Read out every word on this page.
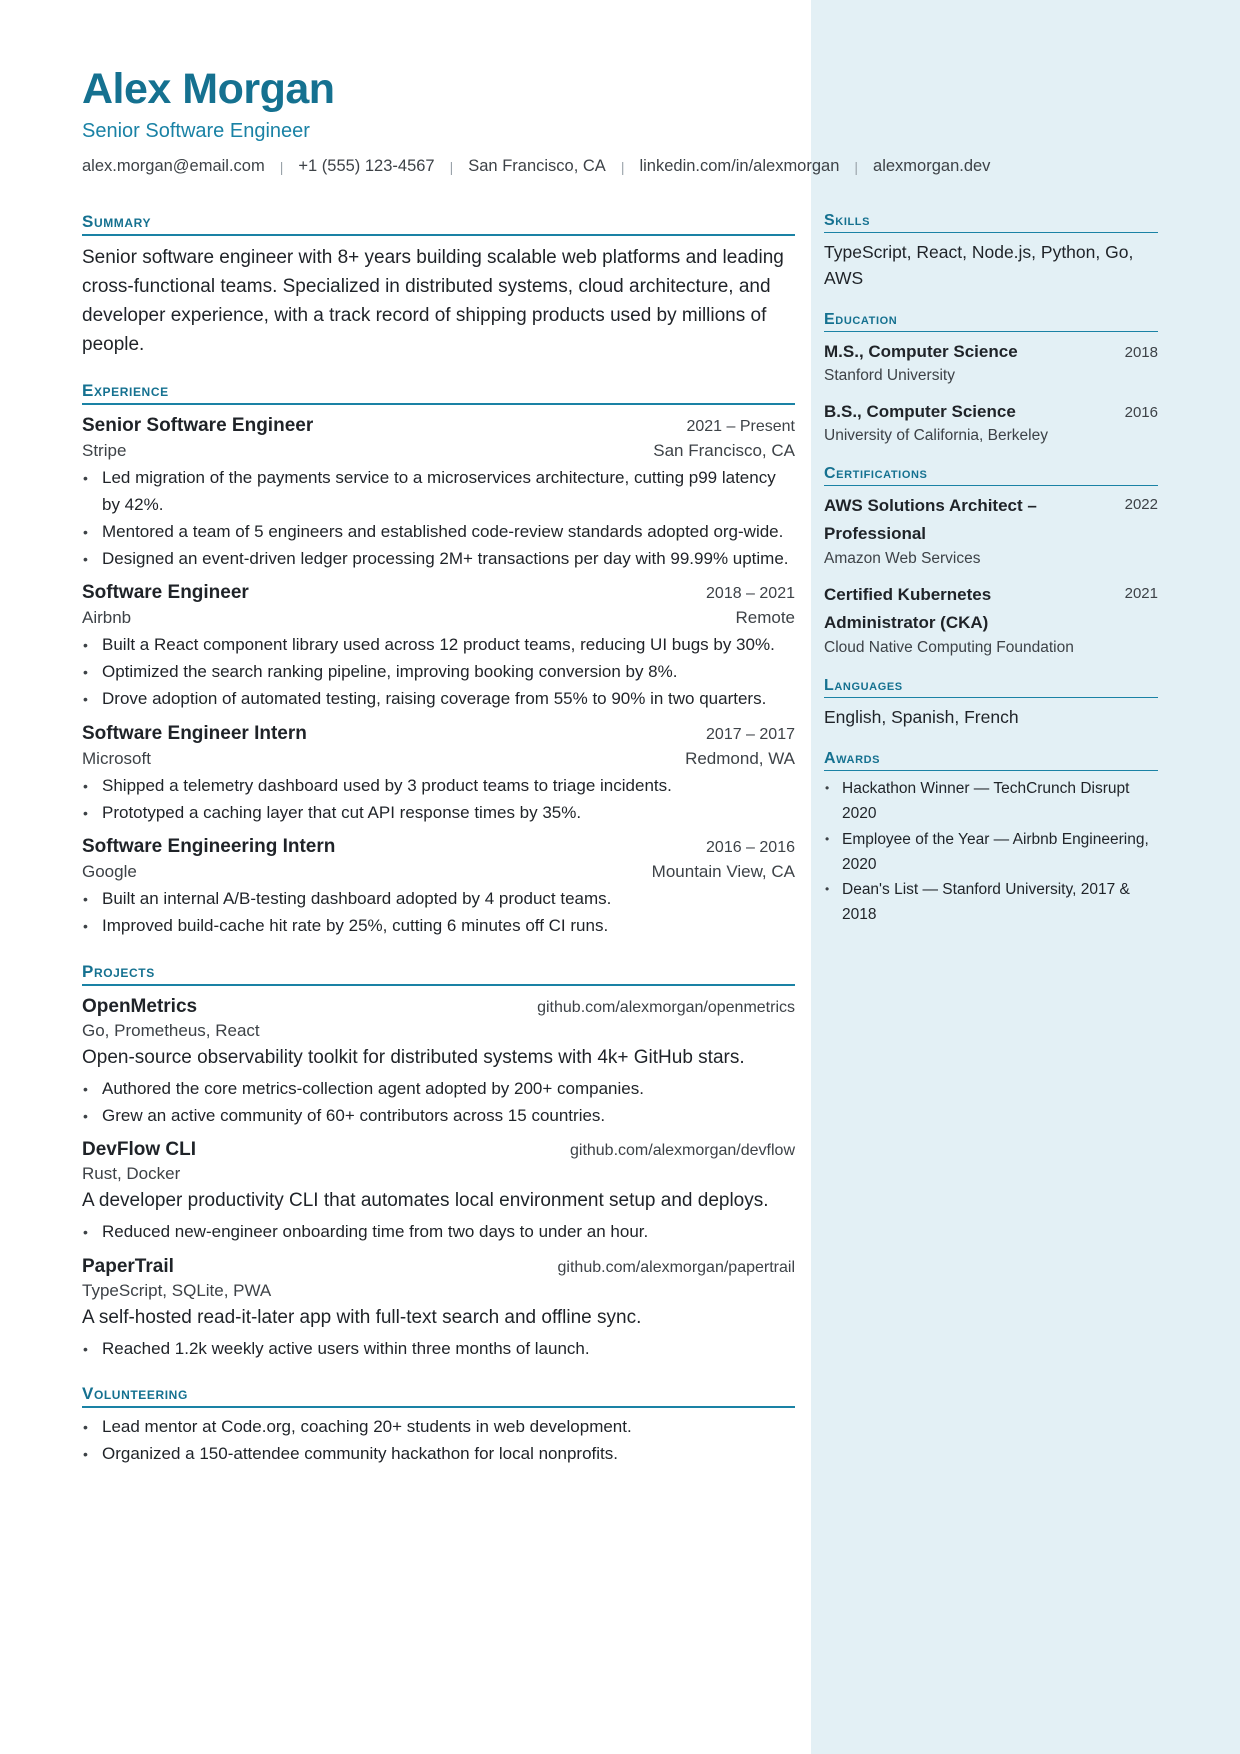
Alex Morgan
Senior Software Engineer
alex.morgan@email.com | +1 (555) 123-4567 | San Francisco, CA | linkedin.com/in/alexmorgan | alexmorgan.dev
Summary

Senior software engineer with 8+ years building scalable web platforms and leading cross-functional teams. Specialized in distributed systems, cloud architecture, and developer experience, with a track record of shipping products used by millions of people.

Experience
Senior Software Engineer	2021 – Present
Stripe	San Francisco, CA
• Led migration of the payments service to a microservices architecture, cutting p99 latency by 42%.
• Mentored a team of 5 engineers and established code-review standards adopted org-wide.
• Designed an event-driven ledger processing 2M+ transactions per day with 99.99% uptime.
Software Engineer	2018 – 2021
Airbnb	Remote
• Built a React component library used across 12 product teams, reducing UI bugs by 30%.
• Optimized the search ranking pipeline, improving booking conversion by 8%.
• Drove adoption of automated testing, raising coverage from 55% to 90% in two quarters.
Software Engineer Intern	2017 – 2017
Microsoft	Redmond, WA
• Shipped a telemetry dashboard used by 3 product teams to triage incidents.
• Prototyped a caching layer that cut API response times by 35%.
Software Engineering Intern	2016 – 2016
Google	Mountain View, CA
• Built an internal A/B-testing dashboard adopted by 4 product teams.
• Improved build-cache hit rate by 25%, cutting 6 minutes off CI runs.
Projects
OpenMetrics	github.com/alexmorgan/openmetrics
Go, Prometheus, React
Open-source observability toolkit for distributed systems with 4k+ GitHub stars.
• Authored the core metrics-collection agent adopted by 200+ companies.
• Grew an active community of 60+ contributors across 15 countries.
DevFlow CLI	github.com/alexmorgan/devflow
Rust, Docker
A developer productivity CLI that automates local environment setup and deploys.
• Reduced new-engineer onboarding time from two days to under an hour.
PaperTrail	github.com/alexmorgan/papertrail
TypeScript, SQLite, PWA
A self-hosted read-it-later app with full-text search and offline sync.
• Reached 1.2k weekly active users within three months of launch.
Volunteering
• Lead mentor at Code.org, coaching 20+ students in web development.
• Organized a 150-attendee community hackathon for local nonprofits.
Skills
TypeScript, React, Node.js, Python, Go, AWS
Education
M.S., Computer Science	2018
Stanford University
B.S., Computer Science	2016
University of California, Berkeley
Certifications
AWS Solutions Architect – Professional
2022
Amazon Web Services
Certified Kubernetes Administrator (CKA)
2021
Cloud Native Computing Foundation
Languages
English, Spanish, French
Awards
• Hackathon Winner — TechCrunch Disrupt 2020
• Employee of the Year — Airbnb Engineering, 2020
• Dean's List — Stanford University, 2017 & 2018
